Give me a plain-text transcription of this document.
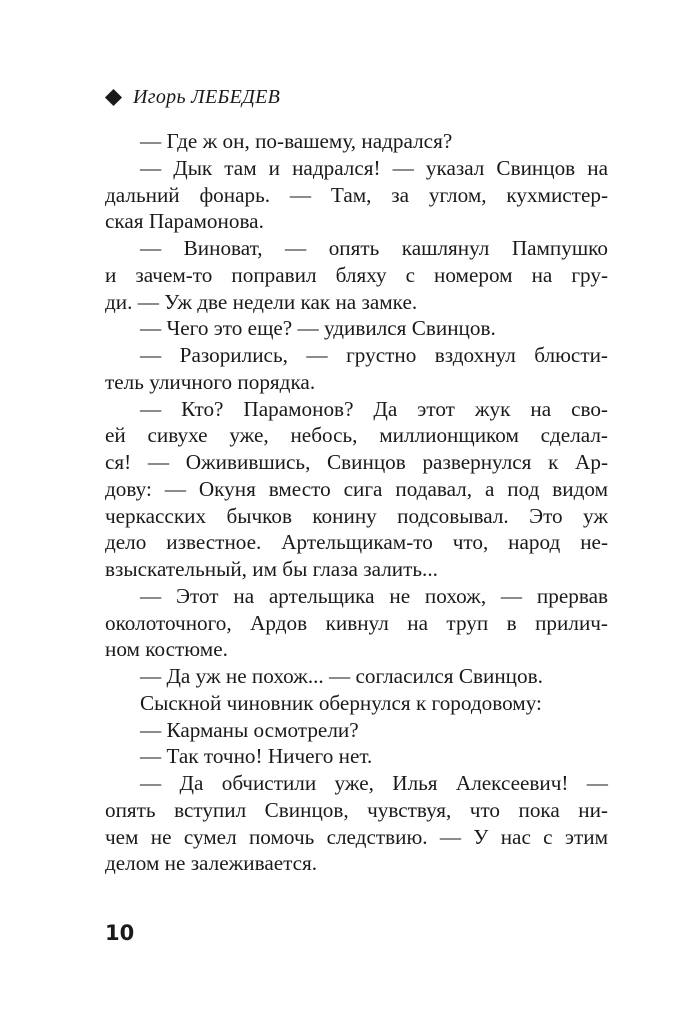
Игорь ЛЕБЕДЕВ
— Где ж он, по-вашему, надрался?
— Дык там и надрался! — указал Свинцов на
дальний фонарь. — Там, за углом, кухмистер-
ская Парамонова.
— Виноват, — опять кашлянул Пампушко
и зачем-то поправил бляху с номером на гру-
ди. — Уж две недели как на замке.
— Чего это еще? — удивился Свинцов.
— Разорились, — грустно вздохнул блюсти-
тель уличного порядка.
— Кто? Парамонов? Да этот жук на сво-
ей сивухе уже, небось, миллионщиком сделал-
ся! — Оживившись, Свинцов развернулся к Ар-
дову: — Окуня вместо сига подавал, а под видом
черкасских бычков конину подсовывал. Это уж
дело известное. Артельщикам-то что, народ не-
взыскательный, им бы глаза залить...
— Этот на артельщика не похож, — прервав
околоточного, Ардов кивнул на труп в прилич-
ном костюме.
— Да уж не похож... — согласился Свинцов.
Сыскной чиновник обернулся к городовому:
— Карманы осмотрели?
— Так точно! Ничего нет.
— Да обчистили уже, Илья Алексеевич! —
опять вступил Свинцов, чувствуя, что пока ни-
чем не сумел помочь следствию. — У нас с этим
делом не залеживается.
10
